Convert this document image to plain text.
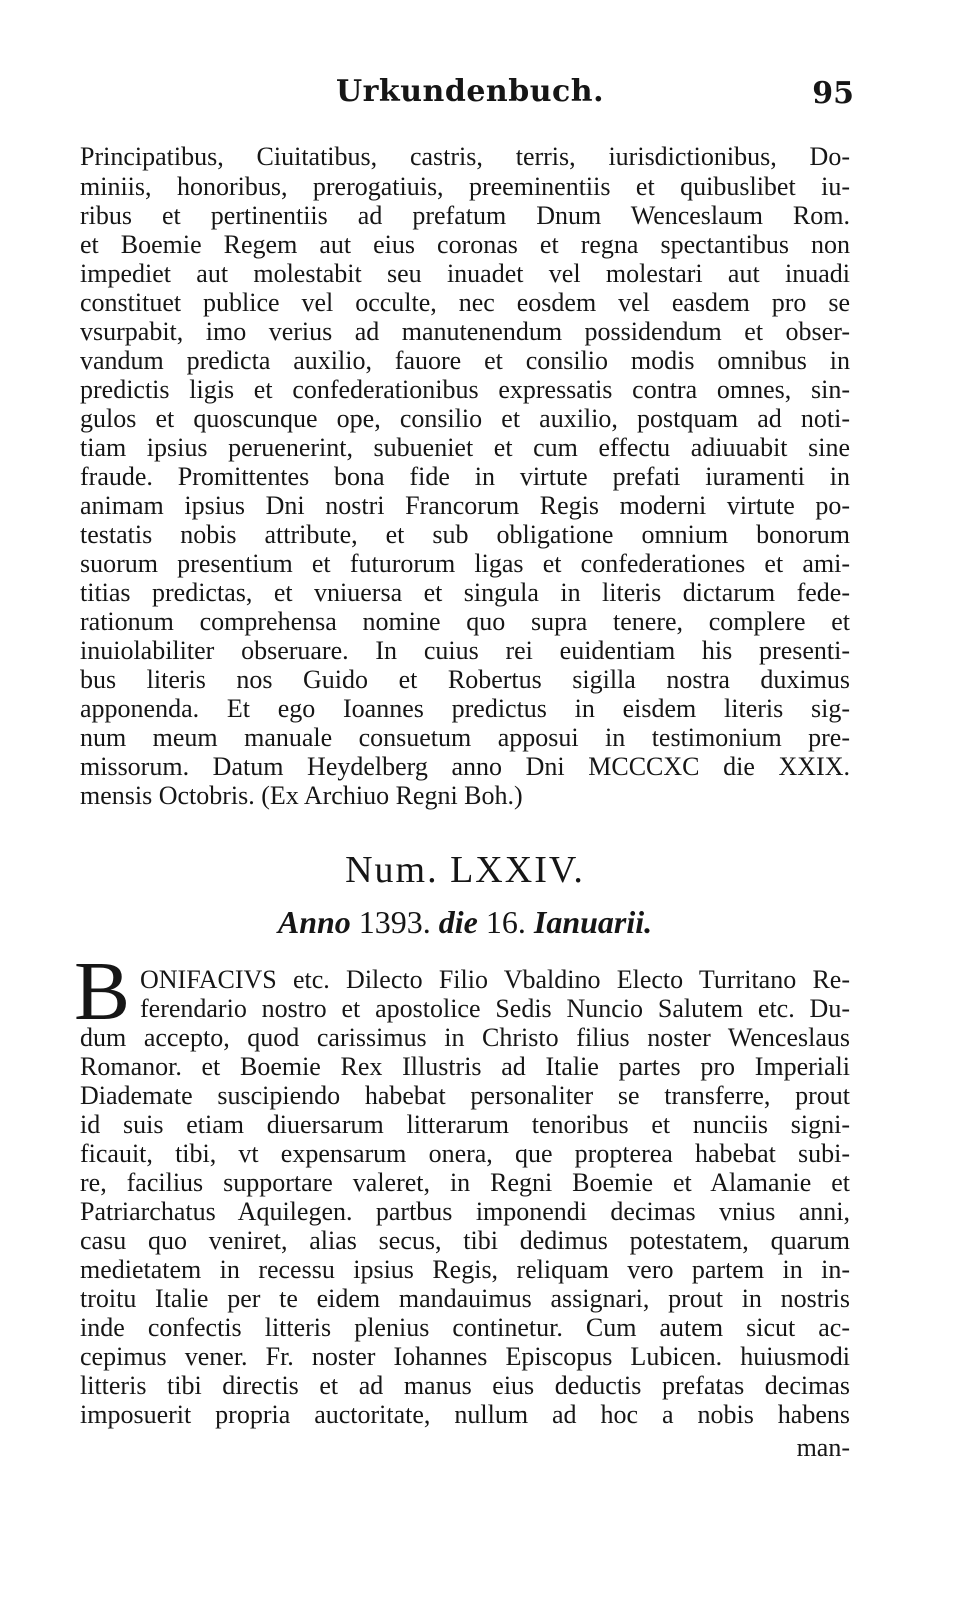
Urkundenbuch.	95
Principatibus, Ciuitatibus, castris, terris, iurisdictionibus, Do-
miniis, honoribus, prerogatiuis, preeminentiis et quibuslibet iu-
ribus et pertinentiis ad prefatum Dnum Wenceslaum Rom.
et Boemie Regem aut eius coronas et regna spectantibus non
impediet aut molestabit seu inuadet vel molestari aut inuadi
constituet publice vel occulte, nec eosdem vel easdem pro se
vsurpabit, imo verius ad manutenendum possidendum et obser-
vandum predicta auxilio, fauore et consilio modis omnibus in
predictis ligis et confederationibus expressatis contra omnes, sin-
gulos et quoscunque ope, consilio et auxilio, postquam ad noti-
tiam ipsius peruenerint, subueniet et cum effectu adiuuabit sine
fraude. Promittentes bona fide in virtute prefati iuramenti in
animam ipsius Dni nostri Francorum Regis moderni virtute po-
testatis nobis attribute, et sub obligatione omnium bonorum
suorum presentium et futurorum ligas et confederationes et ami-
titias predictas, et vniuersa et singula in literis dictarum fede-
rationum comprehensa nomine quo supra tenere, complere et
inuiolabiliter obseruare. In cuius rei euidentiam his presenti-
bus literis nos Guido et Robertus sigilla nostra duximus
apponenda. Et ego Ioannes predictus in eisdem literis sig-
num meum manuale consuetum apposui in testimonium pre-
missorum. Datum Heydelberg anno Dni MCCCXC die XXIX.
mensis Octobris. (Ex Archiuo Regni Boh.)
Num. LXXIV.
Anno 1393. die 16. Ianuarii.
B ONIFACIVS etc. Dilecto Filio Vbaldino Electo Turritano Re-
ferendario nostro et apostolice Sedis Nuncio Salutem etc. Du-
dum accepto, quod carissimus in Christo filius noster Wenceslaus
Romanor. et Boemie Rex Illustris ad Italie partes pro Imperiali
Diademate suscipiendo habebat personaliter se transferre, prout
id suis etiam diuersarum litterarum tenoribus et nunciis signi-
ficauit, tibi, vt expensarum onera, que propterea habebat subi-
re, facilius supportare valeret, in Regni Boemie et Alamanie et
Patriarchatus Aquilegen. partbus imponendi decimas vnius anni,
casu quo veniret, alias secus, tibi dedimus potestatem, quarum
medietatem in recessu ipsius Regis, reliquam vero partem in in-
troitu Italie per te eidem mandauimus assignari, prout in nostris
inde confectis litteris plenius continetur. Cum autem sicut ac-
cepimus vener. Fr. noster Iohannes Episcopus Lubicen. huiusmodi
litteris tibi directis et ad manus eius deductis prefatas decimas
imposuerit propria auctoritate, nullum ad hoc a nobis habens
man-
